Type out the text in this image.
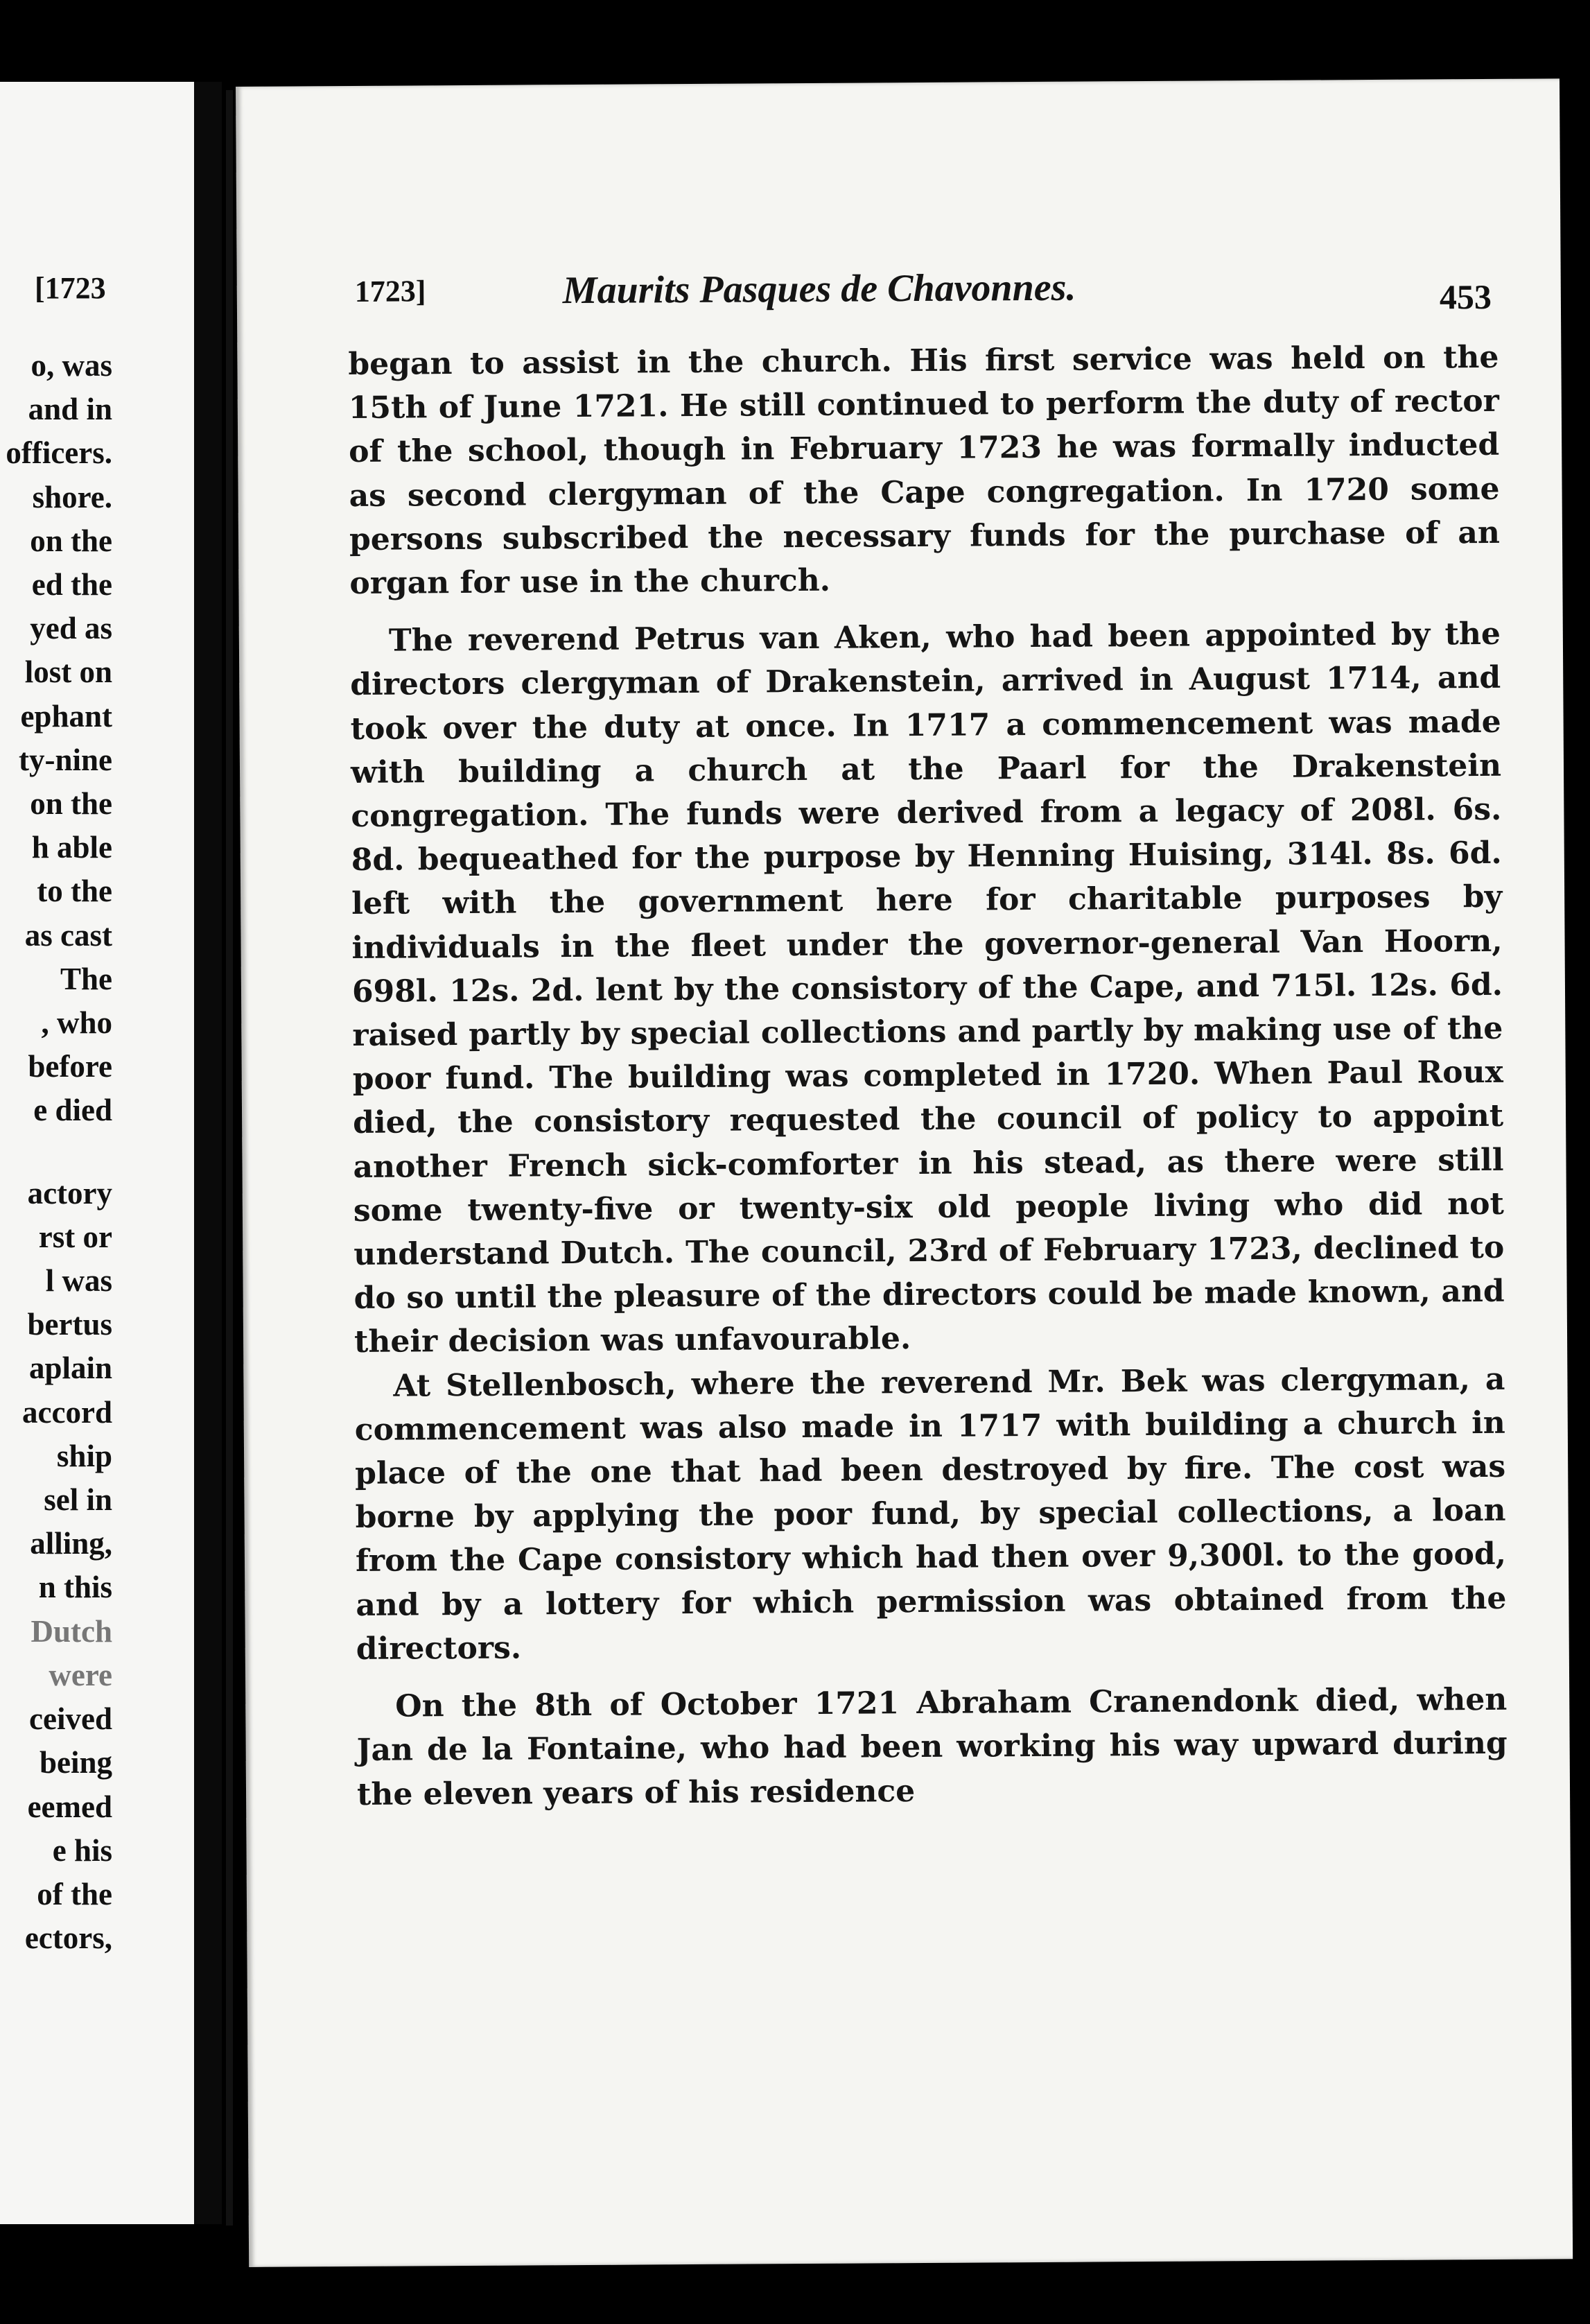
[1723
o, was
and in
officers.
shore.
on the
ed the
yed as
lost on
ephant
ty-nine
on the
h able
to the
as cast
The
, who
before
e died
actory
rst or
l was
bertus
aplain
accord
ship
sel in
alling,
n this
Dutch
were
ceived
being
eemed
e his
of the
ectors,
1723]	Maurits Pasques de Chavonnes.	453

began to assist in the church. His first service was held on the 15th of June 1721. He still continued to perform the duty of rector of the school, though in February 1723 he was formally inducted as second clergyman of the Cape congregation. In 1720 some persons subscribed the necessary funds for the purchase of an organ for use in the church.

The reverend Petrus van Aken, who had been appointed by the directors clergyman of Drakenstein, arrived in August 1714, and took over the duty at once. In 1717 a commencement was made with building a church at the Paarl for the Drakenstein congregation. The funds were derived from a legacy of 208l. 6s. 8d. bequeathed for the purpose by Henning Huising, 314l. 8s. 6d. left with the government here for charitable purposes by individuals in the fleet under the governor-general Van Hoorn, 698l. 12s. 2d. lent by the consistory of the Cape, and 715l. 12s. 6d. raised partly by special collections and partly by making use of the poor fund. The building was completed in 1720. When Paul Roux died, the consistory requested the council of policy to appoint another French sick-comforter in his stead, as there were still some twenty-five or twenty-six old people living who did not understand Dutch. The council, 23rd of February 1723, declined to do so until the pleasure of the directors could be made known, and their decision was unfavourable.

At Stellenbosch, where the reverend Mr. Bek was clergyman, a commencement was also made in 1717 with building a church in place of the one that had been destroyed by fire. The cost was borne by applying the poor fund, by special collections, a loan from the Cape consistory which had then over 9,300l. to the good, and by a lottery for which permission was obtained from the directors.

On the 8th of October 1721 Abraham Cranendonk died, when Jan de la Fontaine, who had been working his way upward during the eleven years of his residence
